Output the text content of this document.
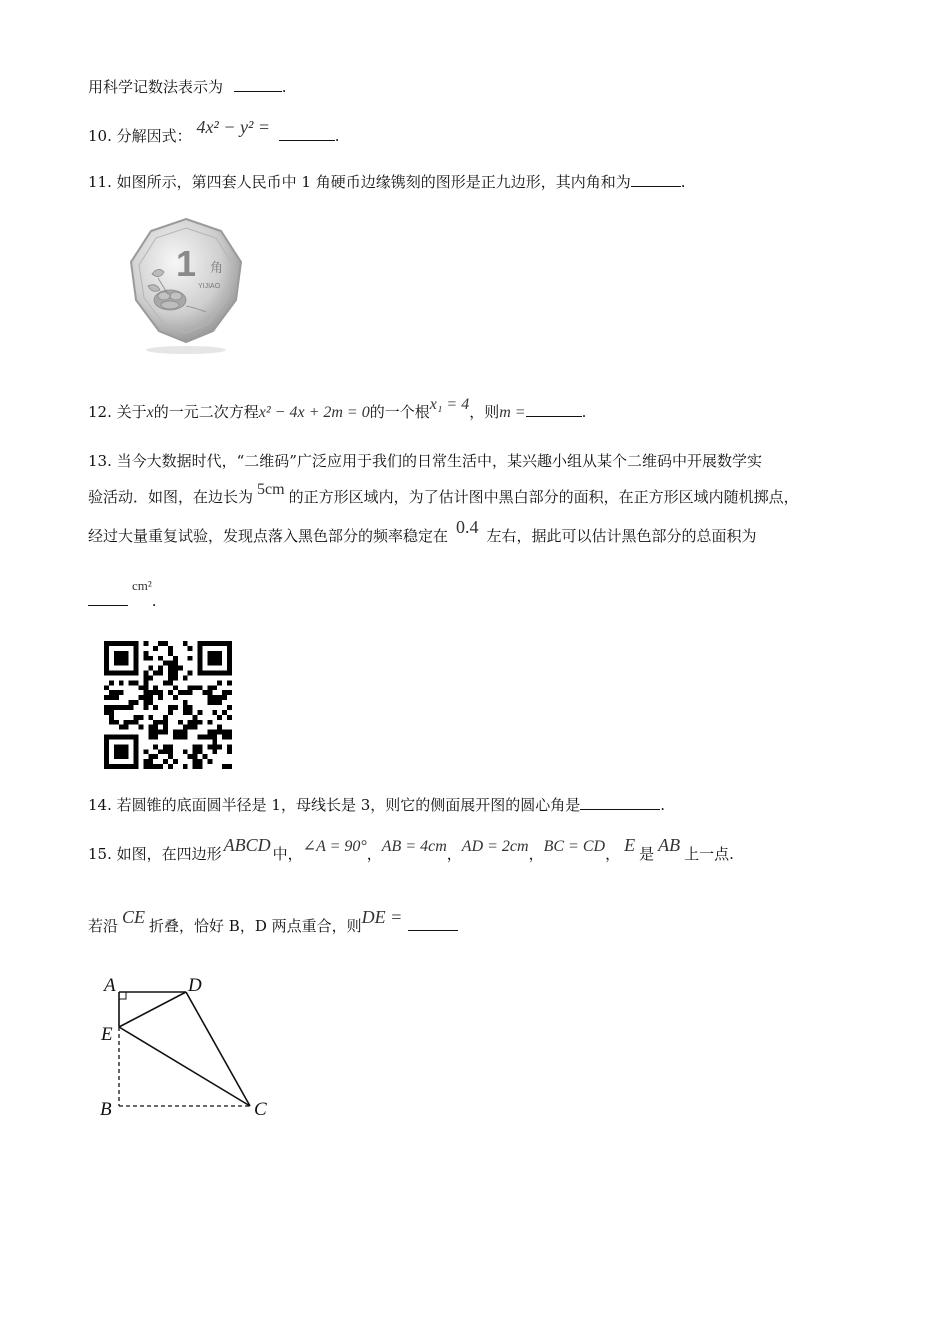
用科学记数法表示为	.
10. 分解因式： 4x² − y² =	.
11. 如图所示，第四套人民币中 1 角硬币边缘镌刻的图形是正九边形，其内角和为	.
1 角
YIJIAO
12. 关于x的一元二次方程x² − 4x + 2m = 0的一个根x₁ = 4，则m =	.
13. 当今大数据时代，“二维码”广泛应用于我们的日常生活中，某兴趣小组从某个二维码中开展数学实
验活动．如图，在边长为 5cm 的正方形区域内，为了估计图中黑白部分的面积，在正方形区域内随机掷点，
经过大量重复试验，发现点落入黑色部分的频率稳定在 0.4 左右，据此可以估计黑色部分的总面积为
cm².
14. 若圆锥的底面圆半径是 1，母线长是 3，则它的侧面展开图的圆心角是	.
15. 如图，在四边形 ABCD 中，∠A = 90°，AB = 4cm，AD = 2cm，BC = CD， E 是 AB 上一点.
若沿 CE 折叠，恰好 B，D 两点重合，则DE =
A	D
E
B	C
